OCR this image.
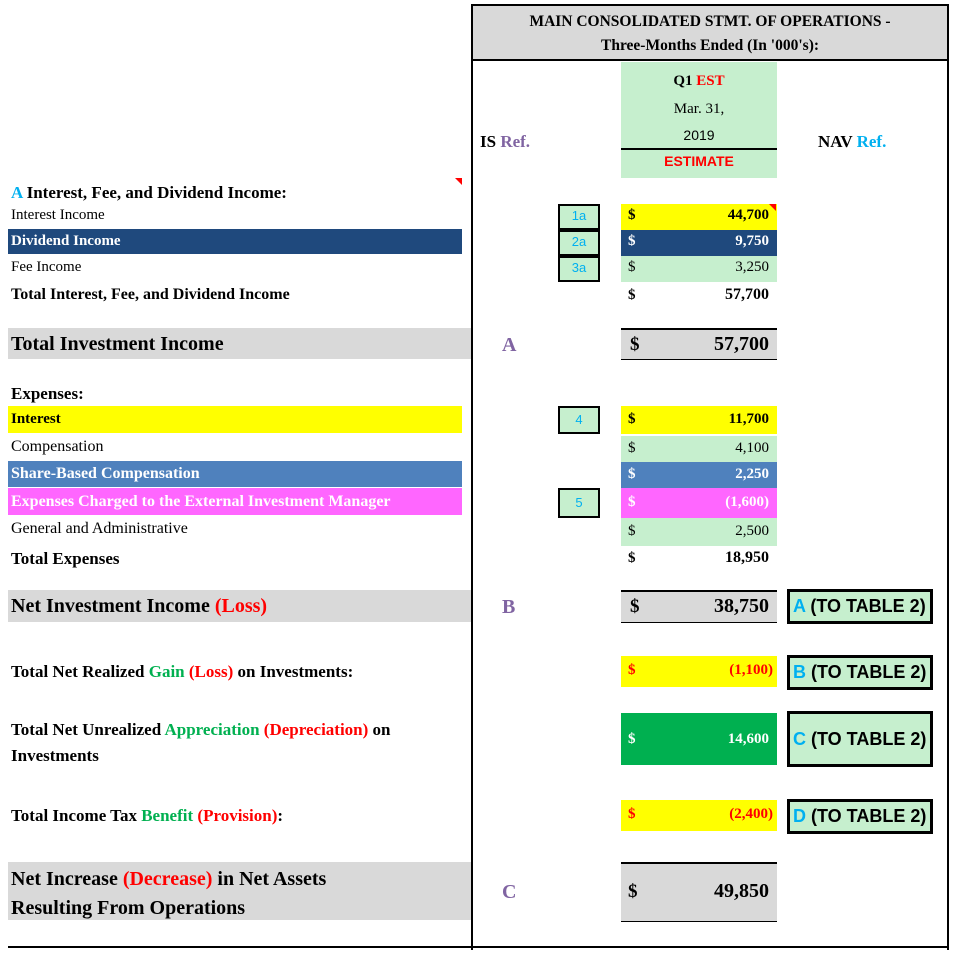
MAIN CONSOLIDATED STMT. OF OPERATIONS -
Three-Months Ended (In '000's):
IS Ref.	NAV Ref.
Q1 EST
Mar. 31,
2019
ESTIMATE
A Interest, Fee, and Dividend Income:
Interest Income	1a	$	44,700
Dividend Income	2a	$	9,750
Fee Income	3a	$	3,250
Total Interest, Fee, and Dividend Income	$	57,700
Total Investment Income	A	$	57,700
Expenses:
Interest	4	$	11,700
Compensation	$	4,100
Share-Based Compensation	$	2,250
Expenses Charged to the External Investment Manager	5	$	(1,600)
General and Administrative	$	2,500
Total Expenses	$	18,950
Net Investment Income (Loss)	B	$	38,750	A (TO TABLE 2)
Total Net Realized Gain (Loss) on Investments:	$	(1,100)	B (TO TABLE 2)
Total Net Unrealized Appreciation (Depreciation) on
Investments
$	14,600	C (TO TABLE 2)
Total Income Tax Benefit (Provision):	$	(2,400)	D (TO TABLE 2)
Net Increase (Decrease) in Net Assets
Resulting From Operations
C	$	49,850
